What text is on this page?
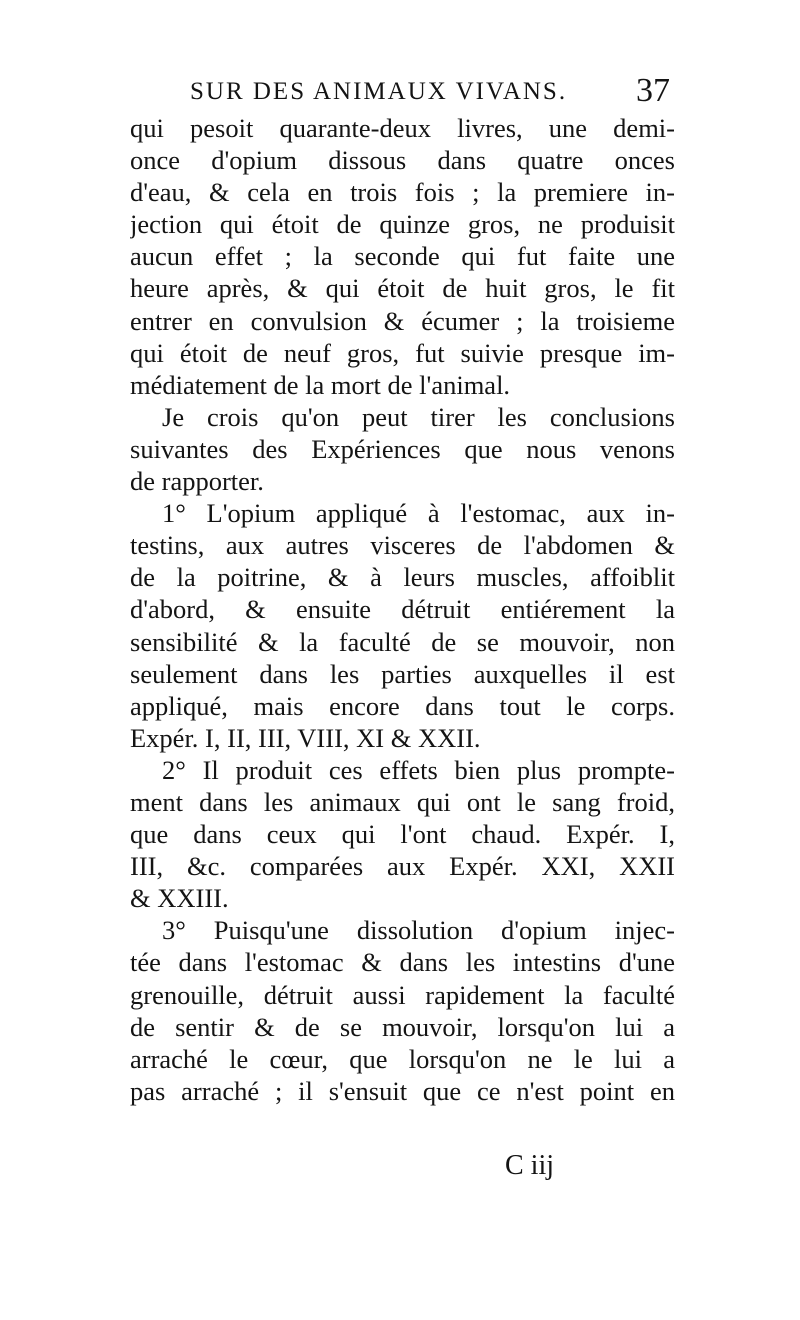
SUR DES ANIMAUX VIVANS. 37
qui pesoit quarante-deux livres, une demi-
once d'opium dissous dans quatre onces
d'eau, & cela en trois fois ; la premiere in-
jection qui étoit de quinze gros, ne produisit
aucun effet ; la seconde qui fut faite une
heure après, & qui étoit de huit gros, le fit
entrer en convulsion & écumer ; la troisieme
qui étoit de neuf gros, fut suivie presque im-
médiatement de la mort de l'animal.
Je crois qu'on peut tirer les conclusions
suivantes des Expériences que nous venons
de rapporter.
1° L'opium appliqué à l'estomac, aux in-
testins, aux autres visceres de l'abdomen &
de la poitrine, & à leurs muscles, affoiblit
d'abord, & ensuite détruit entiérement la
sensibilité & la faculté de se mouvoir, non
seulement dans les parties auxquelles il est
appliqué, mais encore dans tout le corps.
Expér. I, II, III, VIII, XI & XXII.
2° Il produit ces effets bien plus prompte-
ment dans les animaux qui ont le sang froid,
que dans ceux qui l'ont chaud. Expér. I,
III, &c. comparées aux Expér. XXI, XXII
& XXIII.
3° Puisqu'une dissolution d'opium injec-
tée dans l'estomac & dans les intestins d'une
grenouille, détruit aussi rapidement la faculté
de sentir & de se mouvoir, lorsqu'on lui a
arraché le cœur, que lorsqu'on ne le lui a
pas arraché ; il s'ensuit que ce n'est point en
C iij
